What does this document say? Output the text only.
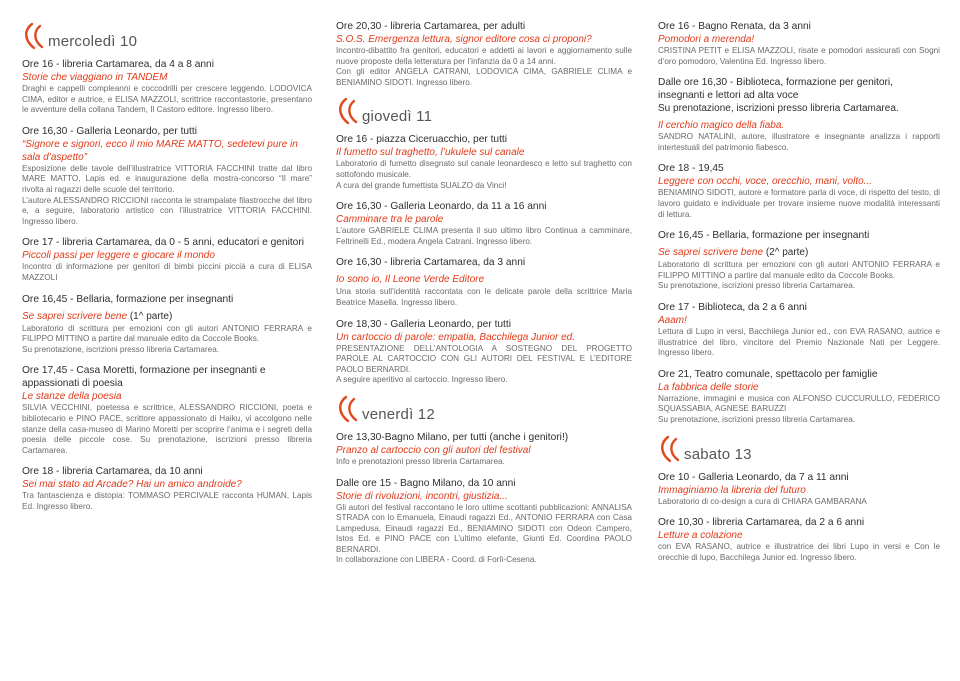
mercoledì 10
Ore 16 - libreria Cartamarea, da 4 a 8 anni
Storie che viaggiano in TANDEM
Draghi e cappelli compleanni e coccodrilli per crescere leggendo. LODOVICA CIMA, editor e autrice, e ELISA MAZZOLI, scrittrice raccontastorie, presentano le avventure della collana Tandem, Il Castoro editore. Ingresso libero.
Ore 16,30 - Galleria Leonardo, per tutti
“Signore e signori, ecco il mio MARE MATTO, sedetevi pure in sala d’aspetto”
Esposizione delle tavole dell’illustratrice VITTORIA FACCHINI tratte dal libro MARE MATTO, Lapis ed. e inaugurazione della mostra-concorso “Il mare” rivolta ai ragazzi delle scuole del territorio.
L’autore ALESSANDRO RICCIONI racconta le strampalate filastrocche del libro e, a seguire, laboratorio artistico con l’illustratrice VITTORIA FACCHINI. Ingresso libero.
Ore 17 - libreria Cartamarea, da 0 - 5 anni, educatori e genitori
Piccoli passi per leggere e giocare il mondo
Incontro di informazione per genitori di bimbi piccini piccià a cura di ELISA MAZZOLI
Ore 16,45 - Bellaria, formazione per insegnanti
Se saprei scrivere bene (1^ parte)
Laboratorio di scrittura per emozioni con gli autori ANTONIO FERRARA e FILIPPO MITTINO a partire dal manuale edito da Coccole Books.
Su prenotazione, iscrizioni presso libreria Cartamarea.
Ore 17,45 - Casa Moretti, formazione per insegnanti e appassionati di poesia
Le stanze della poesia
SILVIA VECCHINI, poetessa e scrittrice, ALESSANDRO RICCIONI, poeta e bibliotecario e PINO PACE, scrittore appassionato di Haiku, vi accolgono nelle stanze della casa-museo di Marino Moretti per scoprire l’anima e i segreti della poesia delle piccole cose. Su prenotazione, iscrizioni presso libreria Cartamarea.
Ore 18 - libreria Cartamarea, da 10 anni
Sei mai stato ad Arcade? Hai un amico androide?
Tra fantascienza e distopia: TOMMASO PERCIVALE racconta HUMAN, Lapis Ed. Ingresso libero.
Ore 20,30 - libreria Cartamarea, per adulti
S.O.S. Emergenza lettura, signor editore cosa ci proponi?
Incontro-dibattito fra genitori, educatori e addetti ai lavori e aggiornamento sulle nuove proposte della letteratura per l’infanzia da 0 a 14 anni.
Con gli editor ANGELA CATRANI, LODOVICA CIMA, GABRIELE CLIMA e BENIAMINO SIDOTI. Ingresso libero.
giovedì 11
Ore 16 - piazza Ciceruacchio, per tutti
Il fumetto sul traghetto, l’ukulele sul canale
Laboratorio di fumetto disegnato sul canale leonardesco e letto sul traghetto con sottofondo musicale.
A cura del grande fumettista SUALZO da Vinci!
Ore 16,30 - Galleria Leonardo, da 11 a 16 anni
Camminare tra le parole
L’autore GABRIELE CLIMA presenta il suo ultimo libro Continua a camminare, Feltrinelli Ed., modera Angela Catrani. Ingresso libero.
Ore 16,30 - libreria Cartamarea, da 3 anni
Io sono io, Il Leone Verde Editore
Una storia sull’identità raccontata con le delicate parole della scrittrice Maria Beatrice Masella. Ingresso libero.
Ore 18,30 - Galleria Leonardo, per tutti
Un cartoccio di parole: empatia, Bacchilega Junior ed.
PRESENTAZIONE DELL’ANTOLOGIA A SOSTEGNO DEL PROGETTO PAROLE AL CARTOCCIO CON GLI AUTORI DEL FESTIVAL E L’EDITORE PAOLO BERNARDI.
A seguire aperitivo al cartoccio. Ingresso libero.
venerdì 12
Ore 13,30-Bagno Milano, per tutti (anche i genitori!)
Pranzo al cartoccio con gli autori del festival
Info e prenotazioni presso libreria Cartamarea.
Dalle ore 15 - Bagno Milano, da 10 anni
Storie di rivoluzioni, incontri, giustizia...
Gli autori del festival raccontano le loro ultime scottanti pubblicazioni: ANNALISA STRADA con lo Emanuela, Einaudi ragazzi Ed., ANTONIO FERRARA con Casa Lampedusa, Einaudi ragazzi Ed., BENIAMINO SIDOTI con Odeon Campero, Istos Ed. e PINO PACE con L’ultimo elefante, Giunti Ed. Coordina PAOLO BERNARDI.
In collaborazione con LIBERA - Coord. di Forlì-Cesena.
Ore 16 - Bagno Renata, da 3 anni
Pomodori a merenda!
CRISTINA PETIT e ELISA MAZZOLI, risate e pomodori assicurati con Sogni d’oro pomodoro, Valentina Ed. Ingresso libero.
Dalle ore 16,30 - Biblioteca, formazione per genitori, insegnanti e lettori ad alta voce
Su prenotazione, iscrizioni presso libreria Cartamarea.
Il cerchio magico della fiaba.
SANDRO NATALINI, autore, illustratore e insegnante analizza i rapporti intertestuali del patrimonio fiabesco.
Ore 18 - 19,45
Leggere con occhi, voce, orecchio, mani, volto...
BENIAMINO SIDOTI, autore e formatore parla di voce, di rispetto del testo, di lavoro guidato e individuale per trovare insieme nuove modalità interessanti di lettura.
Ore 16,45 - Bellaria, formazione per insegnanti
Se saprei scrivere bene (2^ parte)
Laboratorio di scrittura per emozioni con gli autori ANTONIO FERRARA e FILIPPO MITTINO a partire dal manuale edito da Coccole Books.
Su prenotazione, iscrizioni presso libreria Cartamarea.
Ore 17 - Biblioteca, da 2 a 6 anni
Aaam!
Lettura di Lupo in versi, Bacchilega Junior ed., con EVA RASANO, autrice e illustratrice del libro, vincitore del Premio Nazionale Nati per Leggere. Ingresso libero.
Ore 21, Teatro comunale, spettacolo per famiglie
La fabbrica delle storie
Narrazione, immagini e musica con ALFONSO CUCCURULLO, FEDERICO SQUASSABIA, AGNESE BARUZZI
Su prenotazione, iscrizioni presso libreria Cartamarea.
sabato 13
Ore 10 - Galleria Leonardo, da 7 a 11 anni
Immaginiamo la libreria del futuro
Laboratorio di co-design a cura di CHIARA GAMBARANA
Ore 10,30 - libreria Cartamarea, da 2 a 6 anni
Letture a colazione
con EVA RASANO, autrice e illustratrice dei libri Lupo in versi e Con le orecchie di lupo, Bacchilega Junior ed. Ingresso libero.
